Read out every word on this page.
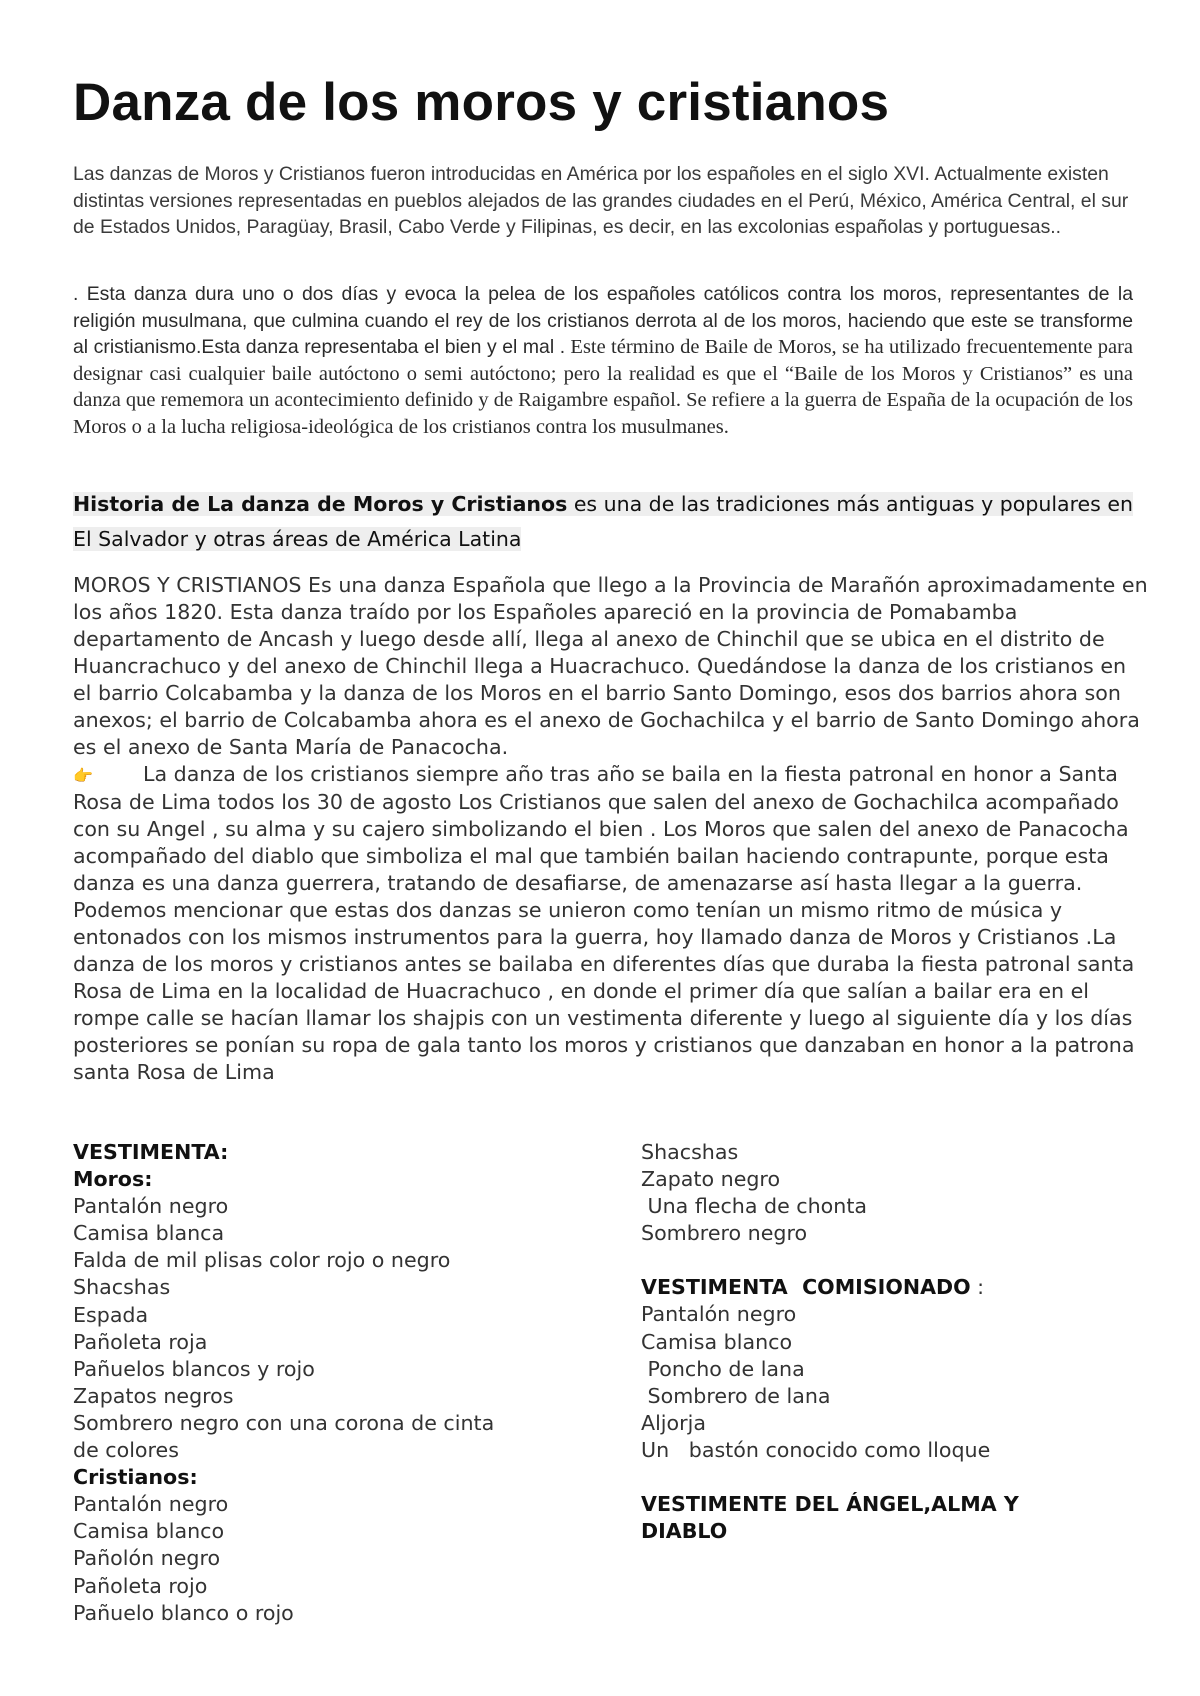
Danza de los moros y cristianos

Las danzas de Moros y Cristianos fueron introducidas en América por los españoles en el siglo XVI. Actualmente existen distintas versiones representadas en pueblos alejados de las grandes ciudades en el Perú, México, América Central, el sur de Estados Unidos, Paragüay, Brasil, Cabo Verde y Filipinas, es decir, en las excolonias españolas y portuguesas..

. Esta danza dura uno o dos días y evoca la pelea de los españoles católicos contra los moros, representantes de la religión musulmana, que culmina cuando el rey de los cristianos derrota al de los moros, haciendo que este se transforme al cristianismo.Esta danza representaba el bien y el mal . Este término de Baile de Moros, se ha utilizado frecuentemente para designar casi cualquier baile autóctono o semi autóctono; pero la realidad es que el “Baile de los Moros y Cristianos” es una danza que rememora un acontecimiento definido y de Raigambre español. Se refiere a la guerra de España de la ocupación de los Moros o a la lucha religiosa-ideológica de los cristianos contra los musulmanes.

Historia de La danza de Moros y Cristianos es una de las tradiciones más antiguas y populares en
El Salvador y otras áreas de América Latina

MOROS Y CRISTIANOS Es una danza Española que llego a la Provincia de Marañón aproximadamente en los años 1820. Esta danza traído por los Españoles apareció en la provincia de Pomabamba departamento de Ancash y luego desde allí, llega al anexo de Chinchil que se ubica en el distrito de Huancrachuco y del anexo de Chinchil llega a Huacrachuco. Quedándose la danza de los cristianos en el barrio Colcabamba y la danza de los Moros en el barrio Santo Domingo, esos dos barrios ahora son anexos; el barrio de Colcabamba ahora es el anexo de Gochachilca y el barrio de Santo Domingo ahora es el anexo de Santa María de Panacocha.
👉 La danza de los cristianos siempre año tras año se baila en la fiesta patronal en honor a Santa Rosa de Lima todos los 30 de agosto Los Cristianos que salen del anexo de Gochachilca acompañado con su Angel , su alma y su cajero simbolizando el bien . Los Moros que salen del anexo de Panacocha acompañado del diablo que simboliza el mal que también bailan haciendo contrapunte, porque esta danza es una danza guerrera, tratando de desafiarse, de amenazarse así hasta llegar a la guerra. Podemos mencionar que estas dos danzas se unieron como tenían un mismo ritmo de música y entonados con los mismos instrumentos para la guerra, hoy llamado danza de Moros y Cristianos .La danza de los moros y cristianos antes se bailaba en diferentes días que duraba la fiesta patronal santa Rosa de Lima en la localidad de Huacrachuco , en donde el primer día que salían a bailar era en el rompe calle se hacían llamar los shajpis con un vestimenta diferente y luego al siguiente día y los días posteriores se ponían su ropa de gala tanto los moros y cristianos que danzaban en honor a la patrona santa Rosa de Lima
VESTIMENTA:
Moros:
Pantalón negro
Camisa blanca
Falda de mil plisas color rojo o negro
Shacshas
Espada
Pañoleta roja
Pañuelos blancos y rojo
Zapatos negros
Sombrero negro con una corona de cinta
de colores
Cristianos:
Pantalón negro
Camisa blanco
Pañolón negro
Pañoleta rojo
Pañuelo blanco o rojo
Shacshas
Zapato negro
Una flecha de chonta
Sombrero negro
VESTIMENTA  COMISIONADO :
Pantalón negro
Camisa blanco
Poncho de lana
Sombrero de lana
Aljorja
Un   bastón conocido como lloque
VESTIMENTE DEL ÁNGEL,ALMA Y
DIABLO
